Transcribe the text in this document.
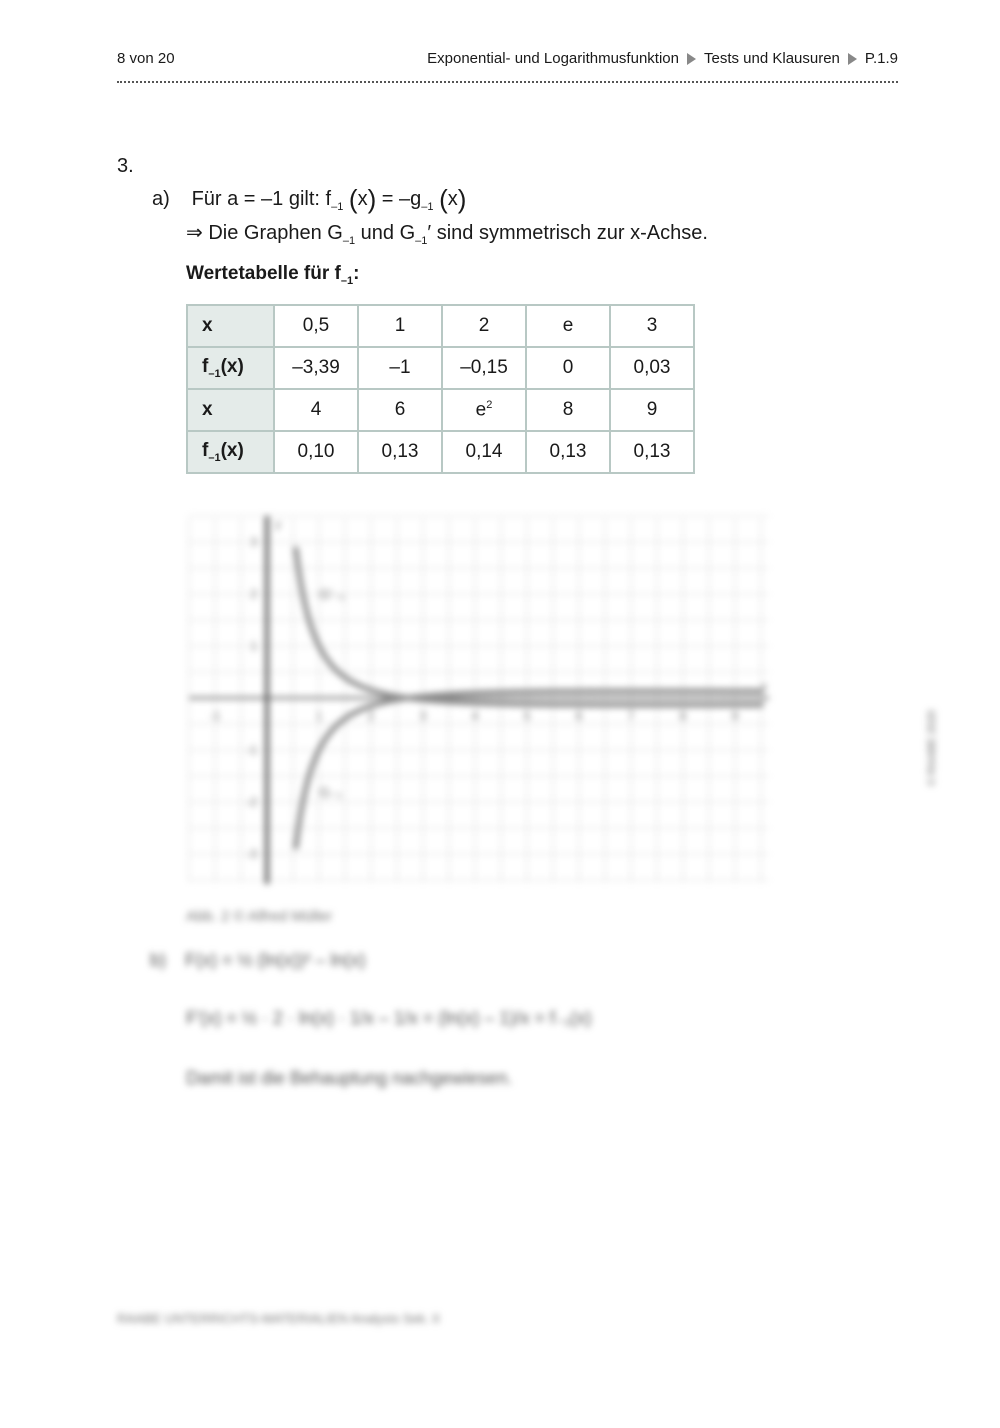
8 von 20	Exponential- und Logarithmusfunktion Tests und Klausuren P.1.9
3.
a) Für a = –1 gilt: $f_{-1}$ $(x) = -g_{-1}$ (x)
⇒ Die Graphen $G_{-1}$ und $G_{-1}'$ sind symmetrisch zur x-Achse.
Wertetabelle für $f_{-1}$:
x	0,5	1	2	e	3
$f_{-1}(x)$	–3,39	–1	–0,15	0	0,03
x	4	6	$e^2$	8	9
$f_{-1}(x)$	0,10	0,13	0,14	0,13	0,13
-1	1	2	3	4	5	6	7	8	9
3
2
1
-1
-2
-3
x
y
G′₋₁
G₋₁
Abb. 2 © Alfred Müller
b) F(x) = ½ (ln(x))² – ln(x)
F′(x) = ½ · 2 · ln(x) · 1/x – 1/x = (ln(x) – 1)/x = f₋₁(x)
Damit ist die Behauptung nachgewiesen.
© RAABE 2020
RAABE UNTERRICHTS-MATERIALIEN Analysis Sek. II
